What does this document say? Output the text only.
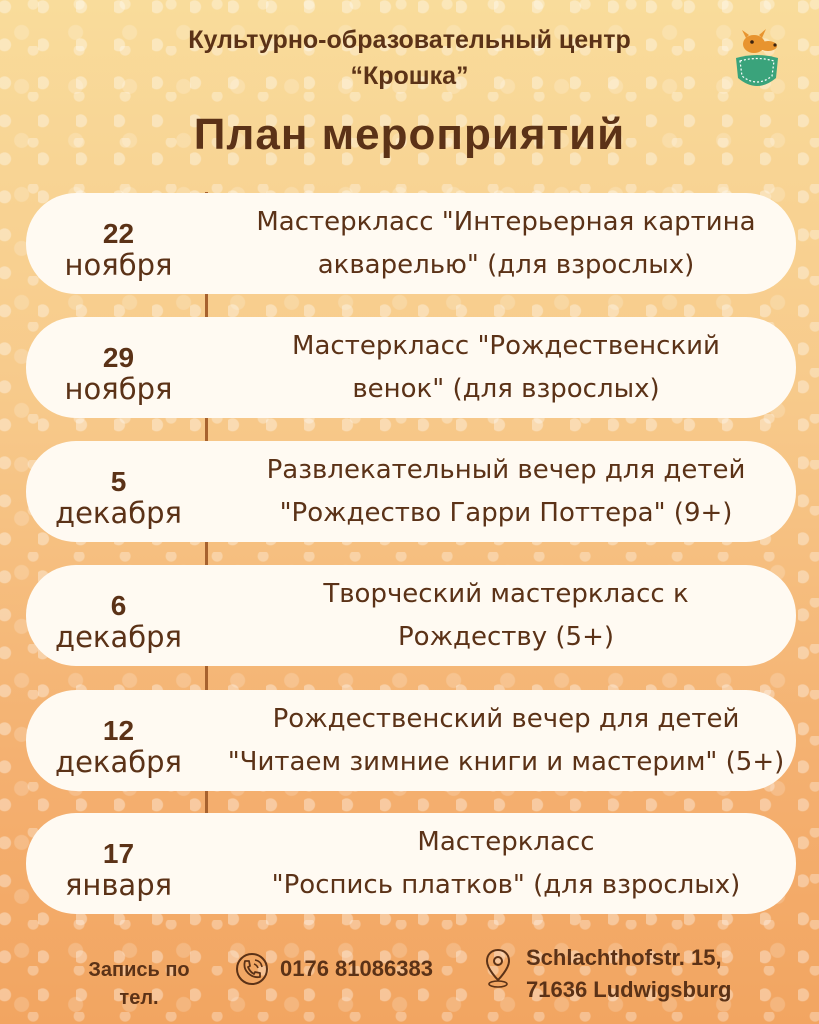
Культурно-образовательный центр
“Крошка”
План мероприятий
22
ноября
Мастеркласс "Интерьерная картина
акварелью" (для взрослых)
29
ноября
Мастеркласс "Рождественский
венок" (для взрослых)
5
декабря
Развлекательный вечер для детей
"Рождество Гарри Поттера" (9+)
6
декабря
Творческий мастеркласс к
Рождеству (5+)
12
декабря
Рождественский вечер для детей
"Читаем зимние книги и мастерим" (5+)
17
января
Мастеркласс
"Роспись платков" (для взрослых)
Запись по
тел.
0176 81086383	Schlachthofstr. 15,
71636 Ludwigsburg
